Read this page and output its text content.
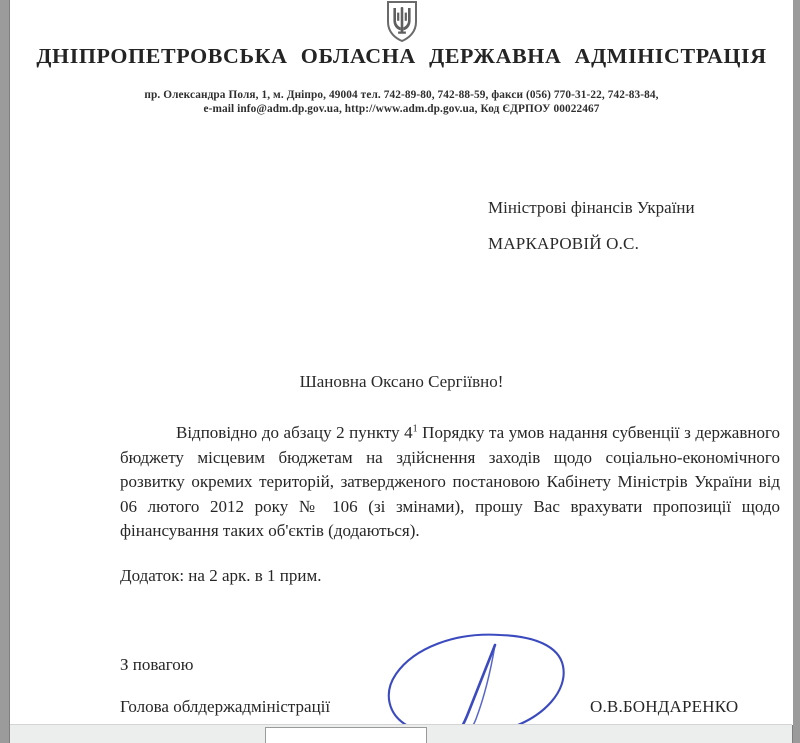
ДНІПРОПЕТРОВСЬКА ОБЛАСНА ДЕРЖАВНА АДМІНІСТРАЦІЯ
пр. Олександра Поля, 1, м. Дніпро, 49004 тел. 742-89-80, 742-88-59, факси (056) 770-31-22, 742-83-84,
e-mail info@adm.dp.gov.ua, http://www.adm.dp.gov.ua, Код ЄДРПОУ 00022467
Міністрові фінансів України
МАРКАРОВІЙ О.С.
Шановна Оксано Сергіївно!
Відповідно до абзацу 2 пункту $4^1$ Порядку та умов надання субвенції з державного бюджету місцевим бюджетам на здійснення заходів щодо соціально-економічного розвитку окремих територій, затвердженого постановою Кабінету Міністрів України від 06 лютого 2012 року № 106 (зі змінами), прошу Вас врахувати пропозиції щодо фінансування таких об'єктів (додаються).
Додаток: на 2 арк. в 1 прим.
З повагою
Голова облдержадміністрації	О.В.БОНДАРЕНКО
